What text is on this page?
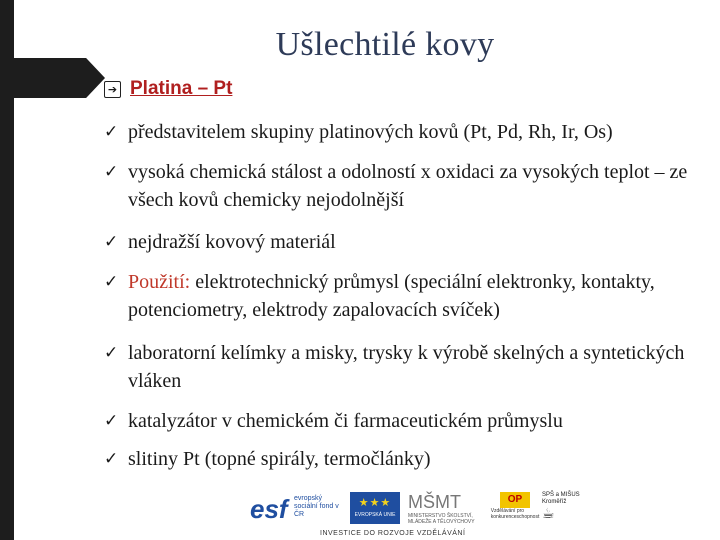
Ušlechtilé kovy
➔ Platina – Pt
✓ představitelem skupiny platinových kovů (Pt, Pd, Rh, Ir, Os)
✓ vysoká chemická stálost a odolností x oxidaci za vysokých teplot – ze všech kovů chemicky nejodolnější
✓ nejdražší kovový materiál
✓ Použití: elektrotechnický průmysl (speciální elektronky, kontakty, potenciometry, elektrody zapalovacích svíček)
✓ laboratorní kelímky a misky, trysky k výrobě skelných a syntetických vláken
✓ katalyzátor v chemickém či farmaceutickém průmyslu
✓ slitiny Pt (topné spirály, termočlánky)
esf evropský sociální fond v ČR
★★★
EVROPSKÁ UNIE
MŠMT
MINISTERSTVO ŠKOLSTVÍ, MLÁDEŽE A TĚLOVÝCHOVY
OP
Vzdělávání pro konkurenceschopnost
SPŠ a MIŠUS Kroměříž
☕
INVESTICE DO ROZVOJE VZDĚLÁVÁNÍ
